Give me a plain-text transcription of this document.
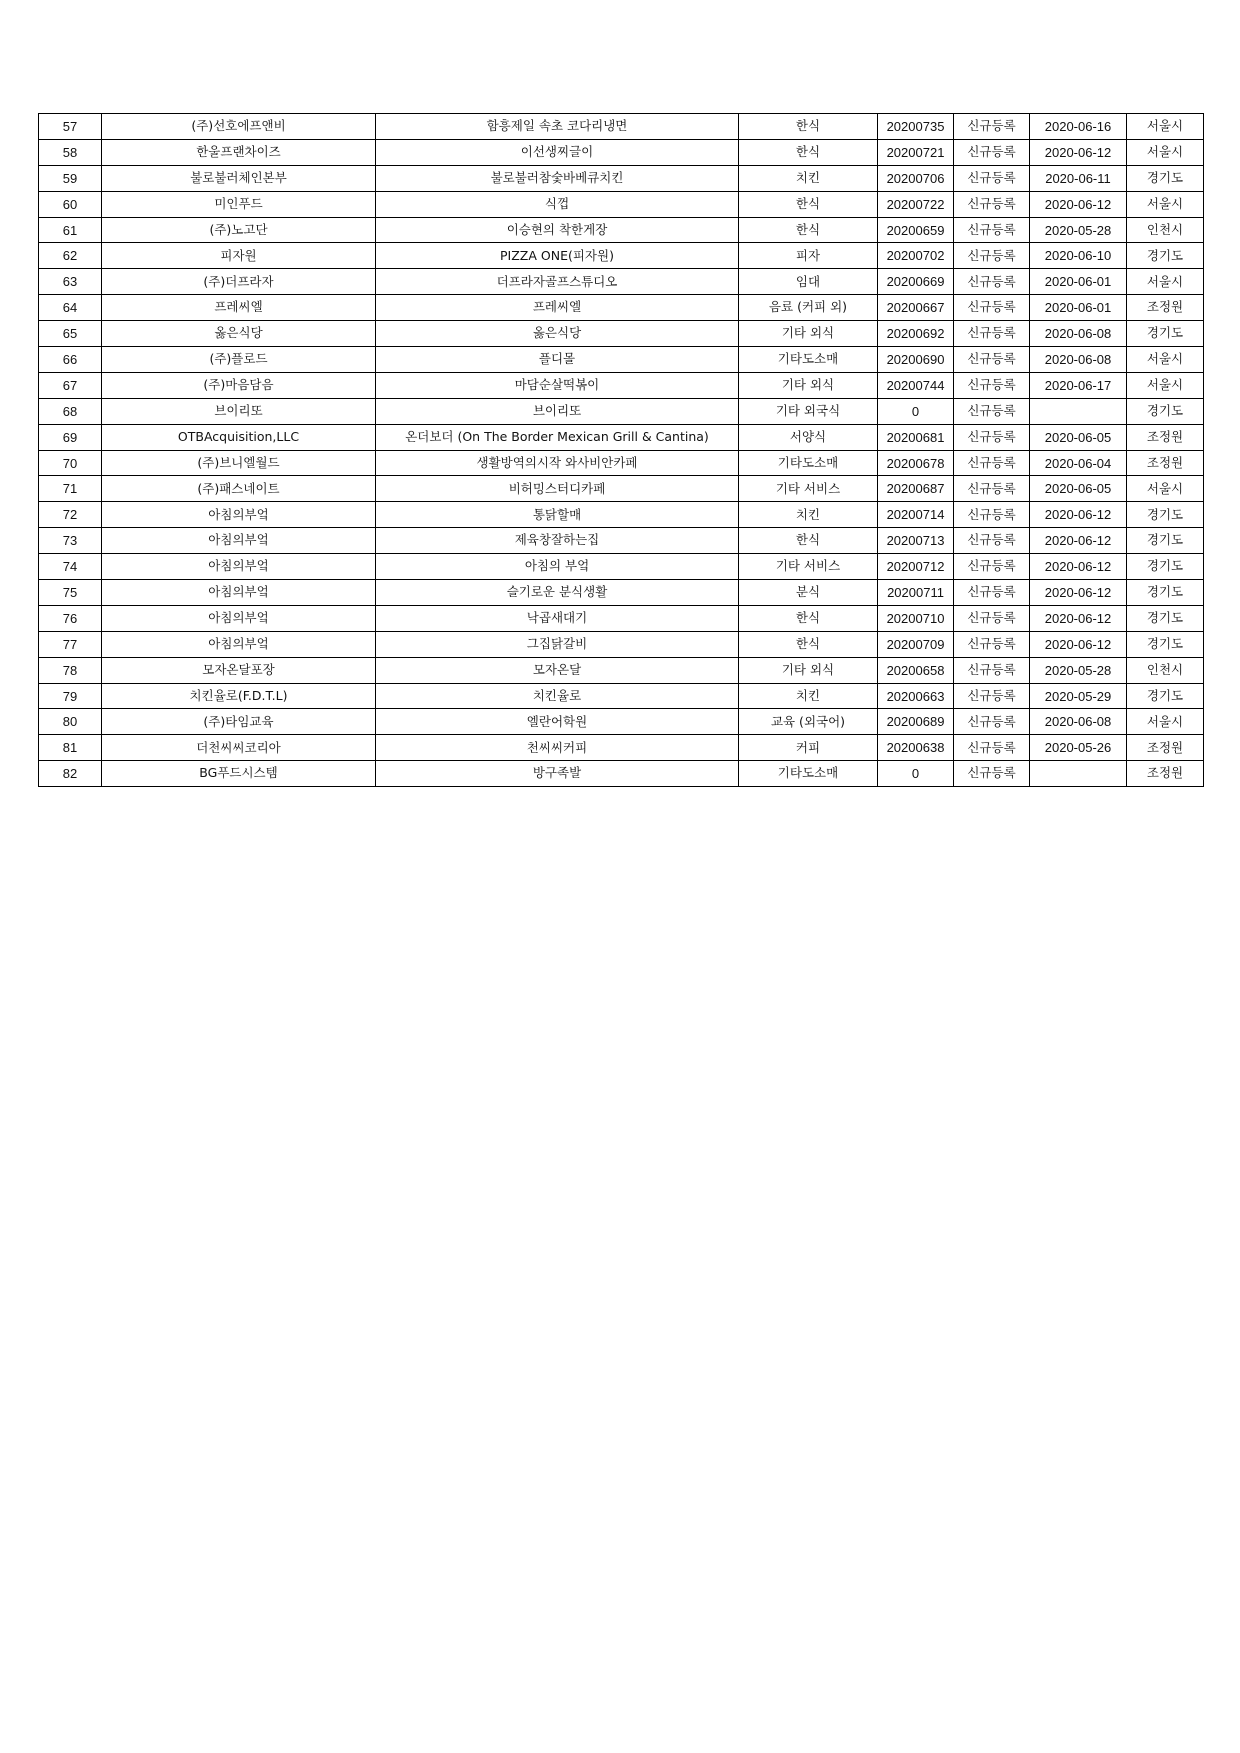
57	(주)선호에프앤비	함흥제일 속초 코다리냉면	한식	20200735	신규등록	2020-06-16	서울시
58	한울프랜차이즈	이선생찌글이	한식	20200721	신규등록	2020-06-12	서울시
59	불로불러체인본부	불로불러참숯바베큐치킨	치킨	20200706	신규등록	2020-06-11	경기도
60	미인푸드	식껍	한식	20200722	신규등록	2020-06-12	서울시
61	(주)노고단	이승현의 착한게장	한식	20200659	신규등록	2020-05-28	인천시
62	피자원	PIZZA ONE(피자원)	피자	20200702	신규등록	2020-06-10	경기도
63	(주)더프라자	더프라자골프스튜디오	임대	20200669	신규등록	2020-06-01	서울시
64	프레씨엘	프레씨엘	음료 (커피 외)	20200667	신규등록	2020-06-01	조정원
65	옳은식당	옳은식당	기타 외식	20200692	신규등록	2020-06-08	경기도
66	(주)플로드	플디몰	기타도소매	20200690	신규등록	2020-06-08	서울시
67	(주)마음담음	마담순살떡볶이	기타 외식	20200744	신규등록	2020-06-17	서울시
68	브이리또	브이리또	기타 외국식	0	신규등록		경기도
69	OTBAcquisition,LLC	온더보더 (On The Border Mexican Grill & Cantina)	서양식	20200681	신규등록	2020-06-05	조정원
70	(주)브니엘월드	생활방역의시작 와사비안카페	기타도소매	20200678	신규등록	2020-06-04	조정원
71	(주)패스네이트	비허밍스터디카페	기타 서비스	20200687	신규등록	2020-06-05	서울시
72	아침의부엌	통닭할매	치킨	20200714	신규등록	2020-06-12	경기도
73	아침의부엌	제육창잘하는집	한식	20200713	신규등록	2020-06-12	경기도
74	아침의부엌	아침의 부엌	기타 서비스	20200712	신규등록	2020-06-12	경기도
75	아침의부엌	슬기로운 분식생활	분식	20200711	신규등록	2020-06-12	경기도
76	아침의부엌	낙곱새대기	한식	20200710	신규등록	2020-06-12	경기도
77	아침의부엌	그집닭갈비	한식	20200709	신규등록	2020-06-12	경기도
78	모자온달포장	모자온달	기타 외식	20200658	신규등록	2020-05-28	인천시
79	치킨율로(F.D.T.L)	치킨율로	치킨	20200663	신규등록	2020-05-29	경기도
80	(주)타임교육	엘란어학원	교육 (외국어)	20200689	신규등록	2020-06-08	서울시
81	더천씨씨코리아	천씨씨커피	커피	20200638	신규등록	2020-05-26	조정원
82	BG푸드시스템	방구족발	기타도소매	0	신규등록		조정원
